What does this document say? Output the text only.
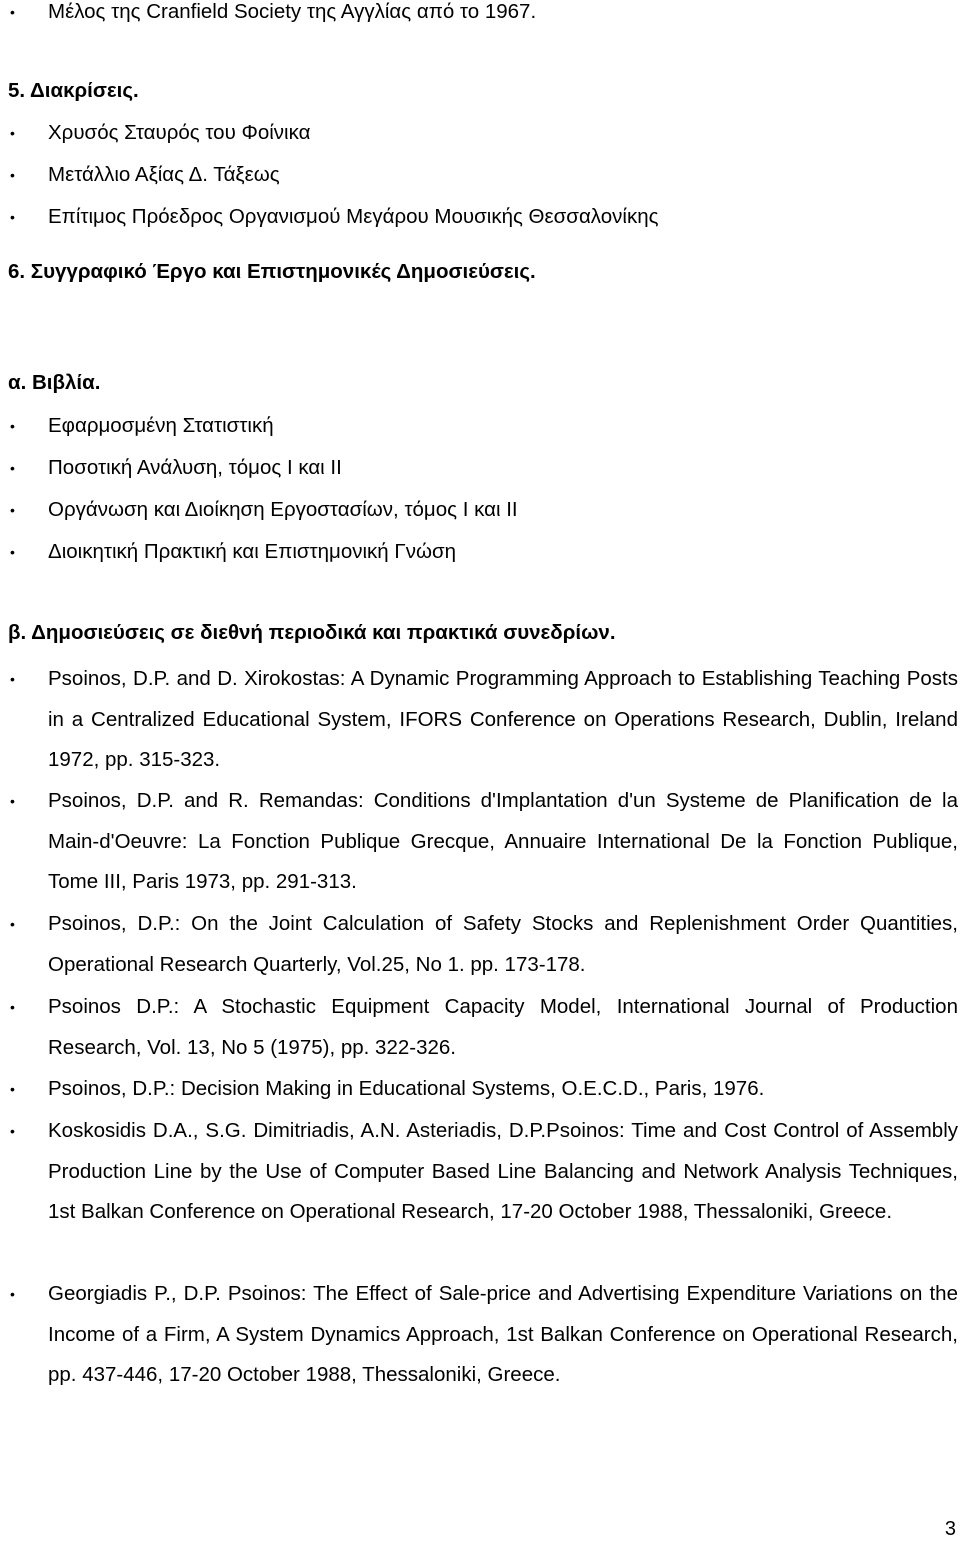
• Μέλος της Cranfield Society της Αγγλίας από το 1967.

5. Διακρίσεις.

• Χρυσός Σταυρός του Φοίνικα

• Μετάλλιο Αξίας Δ. Τάξεως

• Επίτιμος Πρόεδρος Οργανισμού Μεγάρου Μουσικής Θεσσαλονίκης

6. Συγγραφικό Έργο και Επιστημονικές Δημοσιεύσεις.

α. Βιβλία.

• Εφαρμοσμένη Στατιστική

• Ποσοτική Ανάλυση, τόμος I και II

• Οργάνωση και Διοίκηση Εργοστασίων, τόμος I και II

• Διοικητική Πρακτική και Επιστημονική Γνώση

β. Δημοσιεύσεις σε διεθνή περιοδικά και πρακτικά συνεδρίων.

• Psoinos, D.P. and D. Xirokostas: A Dynamic Programming Approach to Establishing Teaching Posts in a Centralized Educational System, IFORS Conference on Operations Research, Dublin, Ireland 1972, pp. 315-323.

• Psoinos, D.P. and R. Remandas: Conditions d'Implantation d'un Systeme de Planification de la Main-d'Oeuvre: La Fonction Publique Grecque, Annuaire International De la Fonction Publique, Tome III, Paris 1973, pp. 291-313.

• Psoinos, D.P.: On the Joint Calculation of Safety Stocks and Replenishment Order Quantities, Operational Research Quarterly, Vol.25, No 1. pp. 173-178.

• Psoinos D.P.: A Stochastic Equipment Capacity Model, International Journal of Production Research, Vol. 13, No 5 (1975), pp. 322-326.

• Psoinos, D.P.: Decision Making in Educational Systems, O.E.C.D., Paris, 1976.

• Koskosidis D.A., S.G. Dimitriadis, A.N. Asteriadis, D.P.Psoinos: Time and Cost Control of Assembly Production Line by the Use of Computer Based Line Balancing and Network Analysis Techniques, 1st Balkan Conference on Operational Research, 17-20 October 1988, Thessaloniki, Greece.

• Georgiadis P., D.P. Psoinos: The Effect of Sale-price and Advertising Expenditure Variations on the Income of a Firm, A System Dynamics Approach, 1st Balkan Conference on Operational Research, pp. 437-446, 17-20 October 1988, Thessaloniki, Greece.

3
